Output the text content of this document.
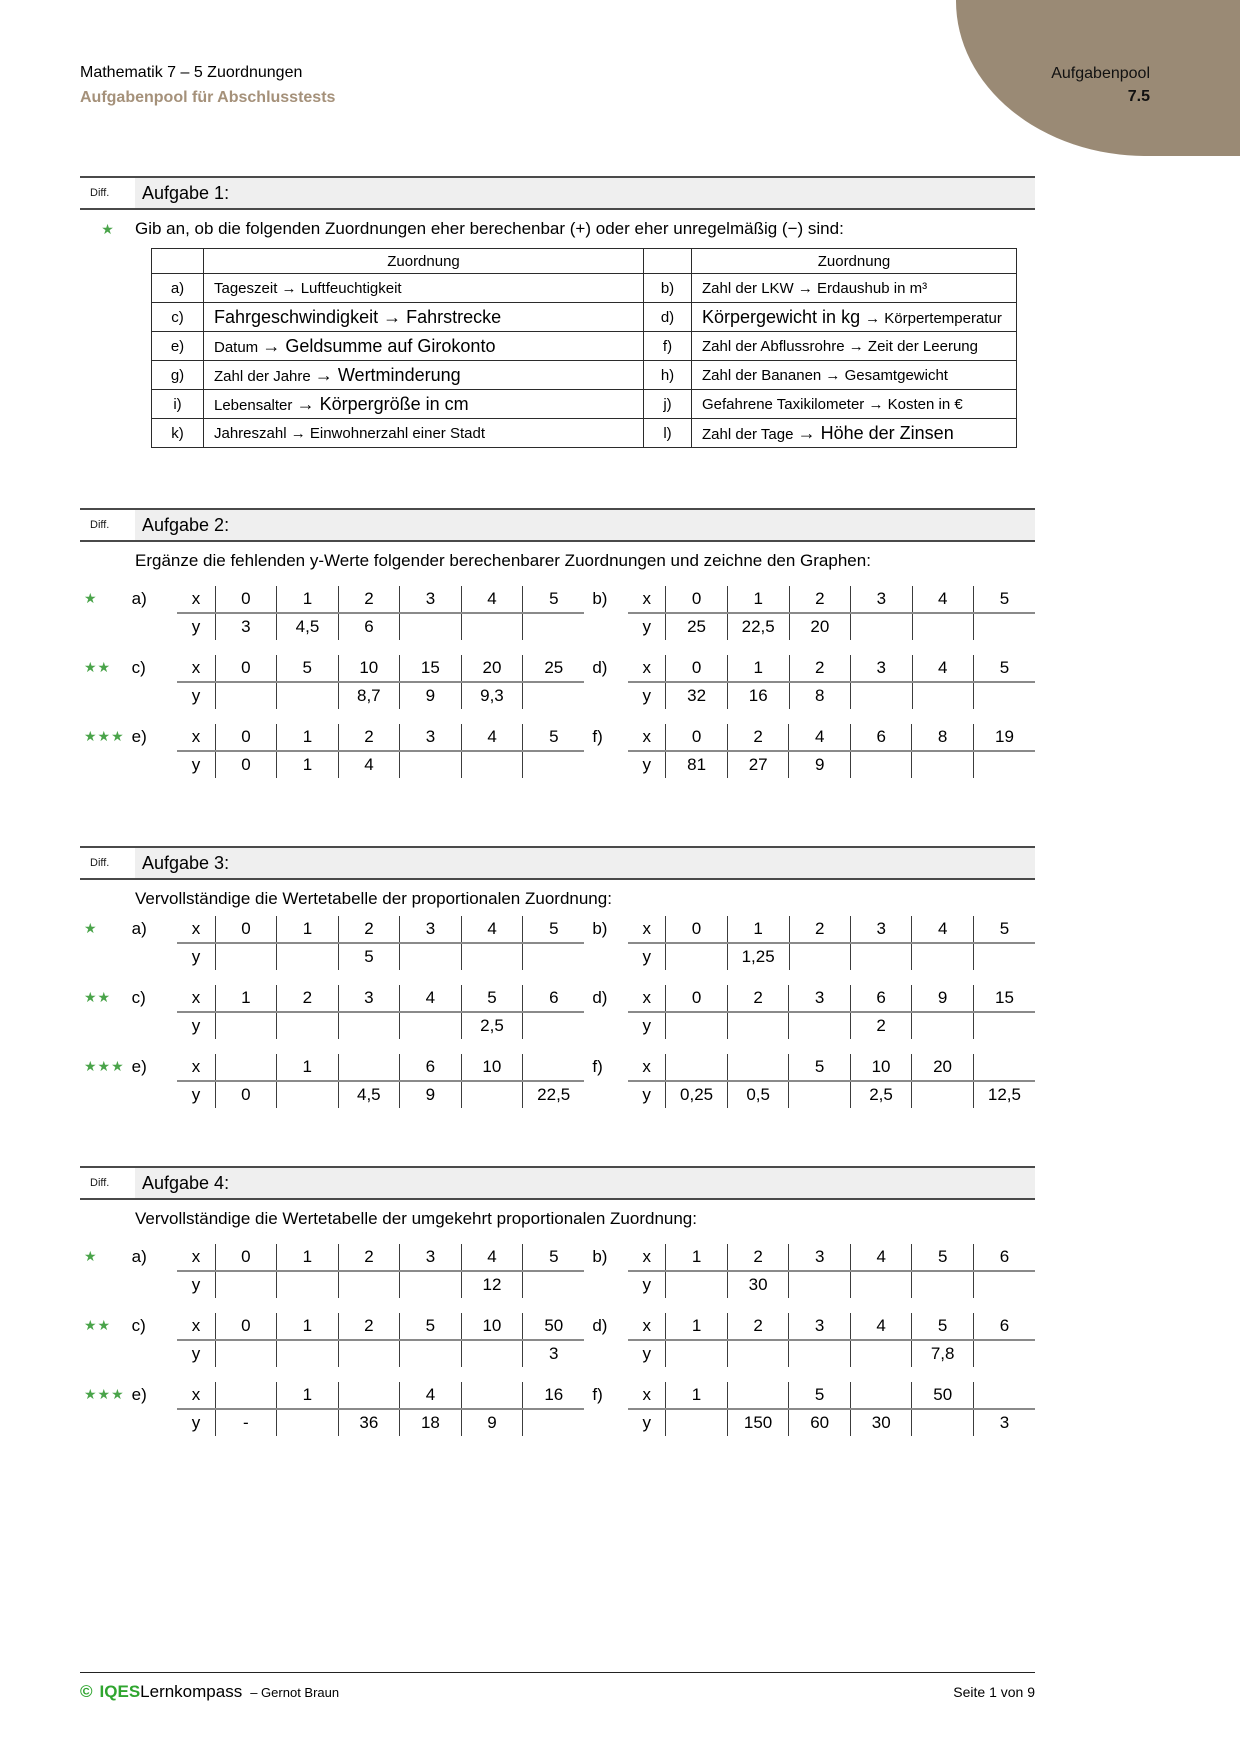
Mathematik 7 – 5 Zuordnungen
Aufgabenpool für Abschlusstests
Aufgabenpool
7.5
Diff.	Aufgabe 1:
★	Gib an, ob die folgenden Zuordnungen eher berechenbar (+) oder eher unregelmäßig (−) sind:
	Zuordnung		Zuordnung
a)	Tageszeit → Luftfeuchtigkeit	b)	Zahl der LKW → Erdaushub in m³
c)	Fahrgeschwindigkeit → Fahrstrecke	d)	Körpergewicht in kg → Körpertemperatur
e)	Datum → Geldsumme auf Girokonto	f)	Zahl der Abflussrohre → Zeit der Leerung
g)	Zahl der Jahre → Wertminderung	h)	Zahl der Bananen → Gesamtgewicht
i)	Lebensalter → Körpergröße in cm	j)	Gefahrene Taxikilometer → Kosten in €
k)	Jahreszahl → Einwohnerzahl einer Stadt	l)	Zahl der Tage → Höhe der Zinsen
Diff.	Aufgabe 2:
Ergänze die fehlenden y-Werte folgender berechenbarer Zuordnungen und zeichne den Graphen:
★	a)	x	0	1	2	3	4	5
y	3	4,5	6			
b)	x	0	1	2	3	4	5
y	25	22,5	20			
★★	c)	x	0	5	10	15	20	25
y			8,7	9	9,3	
d)	x	0	1	2	3	4	5
y	32	16	8			
★★★ e)	x	0	1	2	3	4	5
y	0	1	4			
f)	x	0	2	4	6	8	19
y	81	27	9			
Diff.	Aufgabe 3:
Vervollständige die Wertetabelle der proportionalen Zuordnung:
★	a)	x	0	1	2	3	4	5
y			5			
b)	x	0	1	2	3	4	5
y		1,25				
★★	c)	x	1	2	3	4	5	6
y					2,5	
d)	x	0	2	3	6	9	15
y				2		
★★★ e)	x		1		6	10	
y	0		4,5	9		22,5
f)	x			5	10	20	
y	0,25	0,5		2,5		12,5
Diff.	Aufgabe 4:
Vervollständige die Wertetabelle der umgekehrt proportionalen Zuordnung:
★	a)	x	0	1	2	3	4	5
y					12	
b)	x	1	2	3	4	5	6
y		30				
★★	c)	x	0	1	2	5	10	50
y						3
d)	x	1	2	3	4	5	6
y					7,8	
★★★ e)	x		1		4		16
y	-		36	18	9	
f)	x	1		5		50	
y		150	60	30		3
© IQES Lernkompass – Gernot Braun	Seite 1 von 9
